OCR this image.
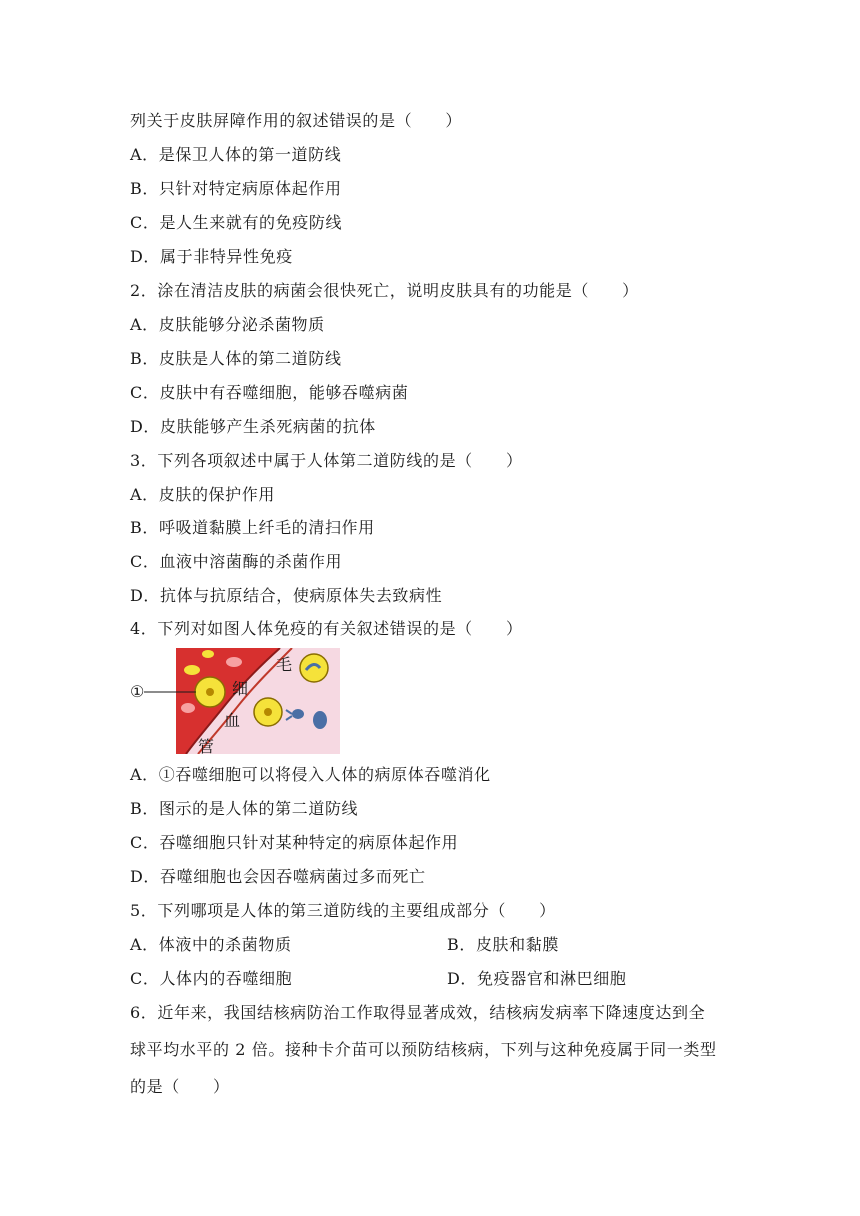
列关于皮肤屏障作用的叙述错误的是（　　）
A．是保卫人体的第一道防线
B．只针对特定病原体起作用
C．是人生来就有的免疫防线
D．属于非特异性免疫
2．涂在清洁皮肤的病菌会很快死亡，说明皮肤具有的功能是（　　）
A．皮肤能够分泌杀菌物质
B．皮肤是人体的第二道防线
C．皮肤中有吞噬细胞，能够吞噬病菌
D．皮肤能够产生杀死病菌的抗体
3．下列各项叙述中属于人体第二道防线的是（　　）
A．皮肤的保护作用
B．呼吸道黏膜上纤毛的清扫作用
C．血液中溶菌酶的杀菌作用
D．抗体与抗原结合，使病原体失去致病性
4．下列对如图人体免疫的有关叙述错误的是（　　）
①
毛
细
血
管
A．①吞噬细胞可以将侵入人体的病原体吞噬消化
B．图示的是人体的第二道防线
C．吞噬细胞只针对某种特定的病原体起作用
D．吞噬细胞也会因吞噬病菌过多而死亡
5．下列哪项是人体的第三道防线的主要组成部分（　　）
A．体液中的杀菌物质	B．皮肤和黏膜
C．人体内的吞噬细胞	D．免疫器官和淋巴细胞
6．近年来，我国结核病防治工作取得显著成效，结核病发病率下降速度达到全
球平均水平的 2 倍。接种卡介苗可以预防结核病，下列与这种免疫属于同一类型
的是（　　）
